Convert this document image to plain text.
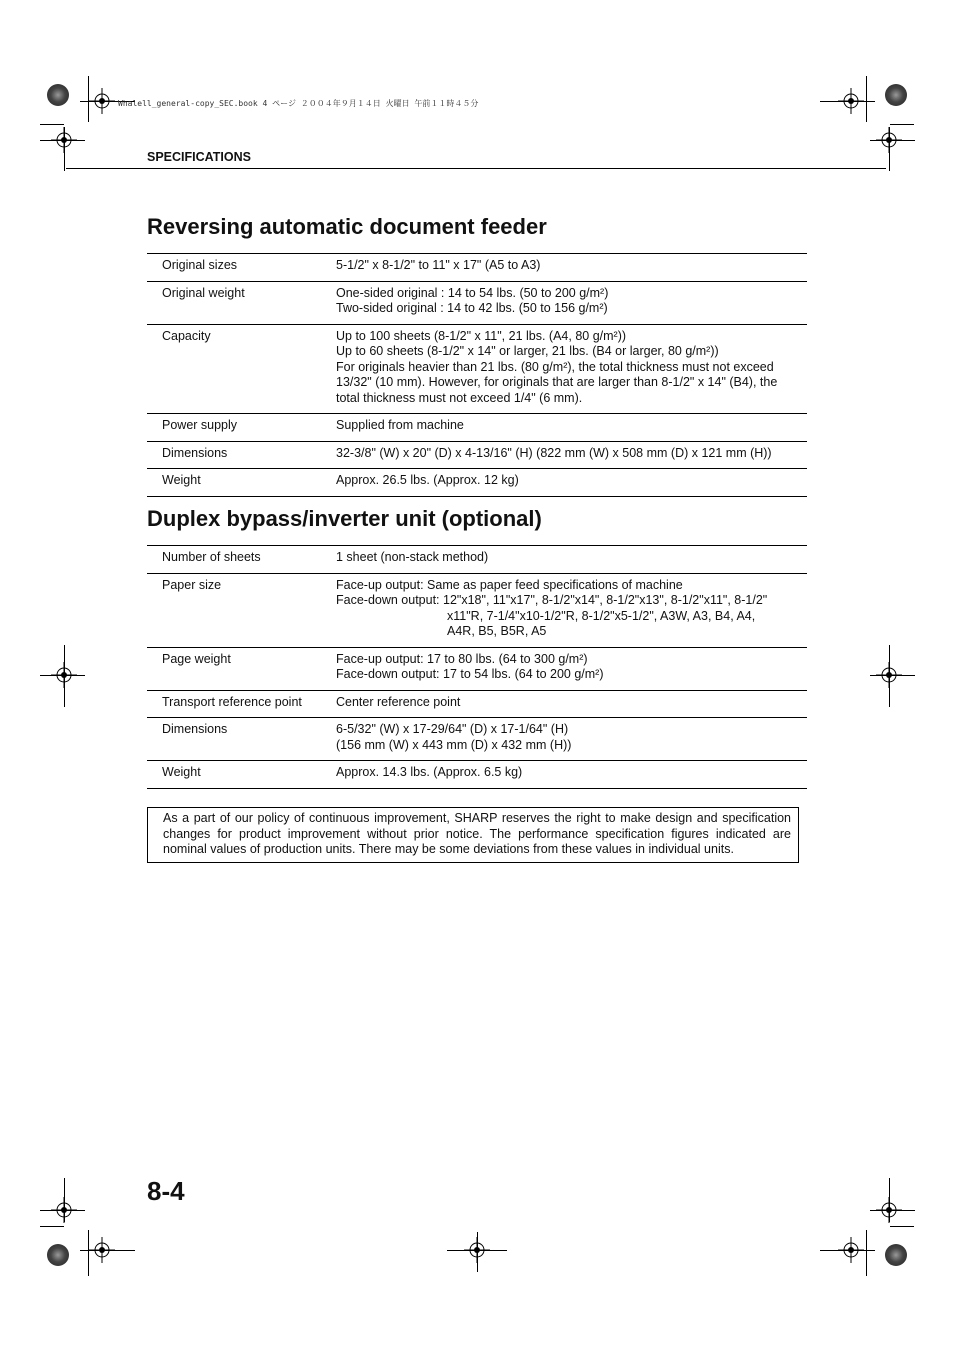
Whalell_general-copy_SEC.book 4 ページ ２００４年９月１４日 火曜日 午前１１時４５分
SPECIFICATIONS
Reversing automatic document feeder
Original sizes	5-1/2" x 8-1/2" to 11" x 17" (A5 to A3)

Original weight	One-sided original : 14 to 54 lbs. (50 to 200 g/m²)
Two-sided original : 14 to 42 lbs. (50 to 156 g/m²)

Capacity	Up to 100 sheets (8-1/2" x 11", 21 lbs. (A4, 80 g/m²))
Up to 60 sheets (8-1/2" x 14" or larger, 21 lbs. (B4 or larger, 80 g/m²))
For originals heavier than 21 lbs. (80 g/m²), the total thickness must not exceed 13/32" (10 mm). However, for originals that are larger than 8-1/2" x 14" (B4), the total thickness must not exceed 1/4" (6 mm).

Power supply	Supplied from machine

Dimensions	32-3/8" (W) x 20" (D) x 4-13/16" (H) (822 mm (W) x 508 mm (D) x 121 mm (H))

Weight	Approx. 26.5 lbs. (Approx. 12 kg)
Duplex bypass/inverter unit (optional)
Number of sheets	1 sheet (non-stack method)

Paper size	Face-up output: Same as paper feed specifications of machine
Face-down output: 12"x18", 11"x17", 8-1/2"x14", 8-1/2"x13", 8-1/2"x11", 8-1/2"
x11"R, 7-1/4"x10-1/2"R, 8-1/2"x5-1/2", A3W, A3, B4, A4,
A4R, B5, B5R, A5

Page weight	Face-up output: 17 to 80 lbs. (64 to 300 g/m²)
Face-down output: 17 to 54 lbs. (64 to 200 g/m²)

Transport reference point	Center reference point

Dimensions	6-5/32" (W) x 17-29/64" (D) x 17-1/64" (H)
(156 mm (W) x 443 mm (D) x 432 mm (H))

Weight	Approx. 14.3 lbs. (Approx. 6.5 kg)
As a part of our policy of continuous improvement, SHARP reserves the right to make design and specification changes for product improvement without prior notice. The performance specification figures indicated are nominal values of production units. There may be some deviations from these values in individual units.
8-4
